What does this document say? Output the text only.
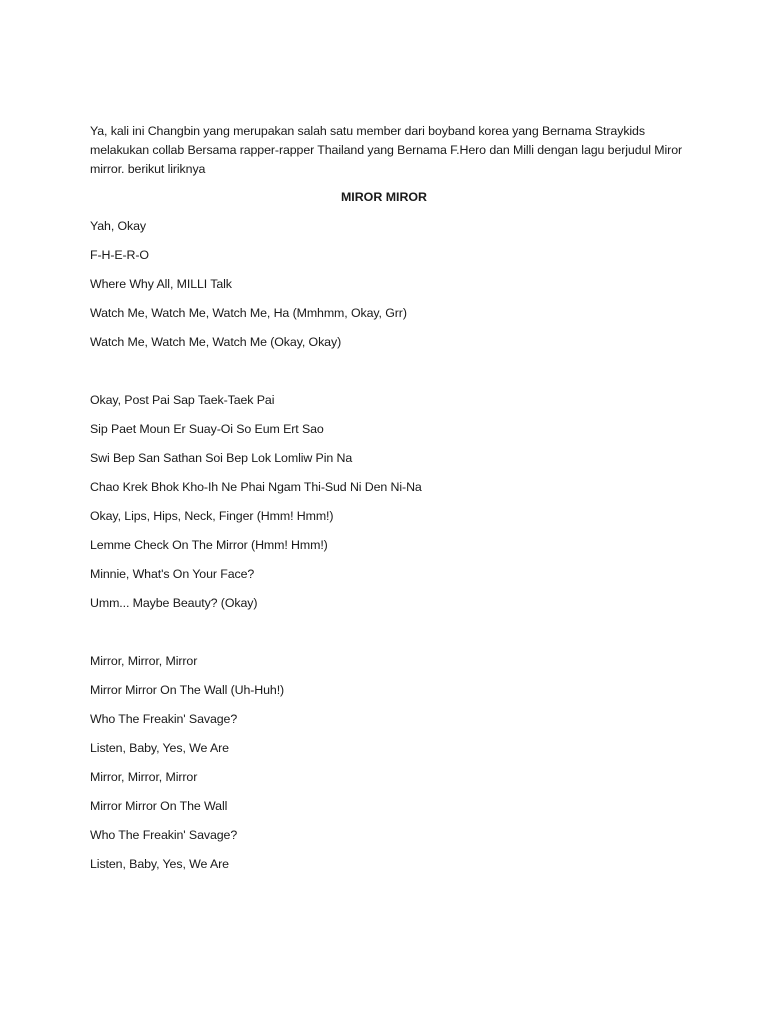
Ya, kali ini Changbin yang merupakan salah satu member dari boyband korea yang Bernama Straykids melakukan collab Bersama rapper-rapper Thailand yang Bernama F.Hero dan Milli dengan lagu berjudul Miror mirror. berikut liriknya

MIROR MIROR

Yah, Okay

F-H-E-R-O

Where Why All, MILLI Talk

Watch Me, Watch Me, Watch Me, Ha (Mmhmm, Okay, Grr)

Watch Me, Watch Me, Watch Me (Okay, Okay)

Okay, Post Pai Sap Taek-Taek Pai

Sip Paet Moun Er Suay-Oi So Eum Ert Sao

Swi Bep San Sathan Soi Bep Lok Lomliw Pin Na

Chao Krek Bhok Kho-Ih Ne Phai Ngam Thi-Sud Ni Den Ni-Na

Okay, Lips, Hips, Neck, Finger (Hmm! Hmm!)

Lemme Check On The Mirror (Hmm! Hmm!)

Minnie, What's On Your Face?

Umm... Maybe Beauty? (Okay)

Mirror, Mirror, Mirror

Mirror Mirror On The Wall (Uh-Huh!)

Who The Freakin' Savage?

Listen, Baby, Yes, We Are

Mirror, Mirror, Mirror

Mirror Mirror On The Wall

Who The Freakin' Savage?

Listen, Baby, Yes, We Are
